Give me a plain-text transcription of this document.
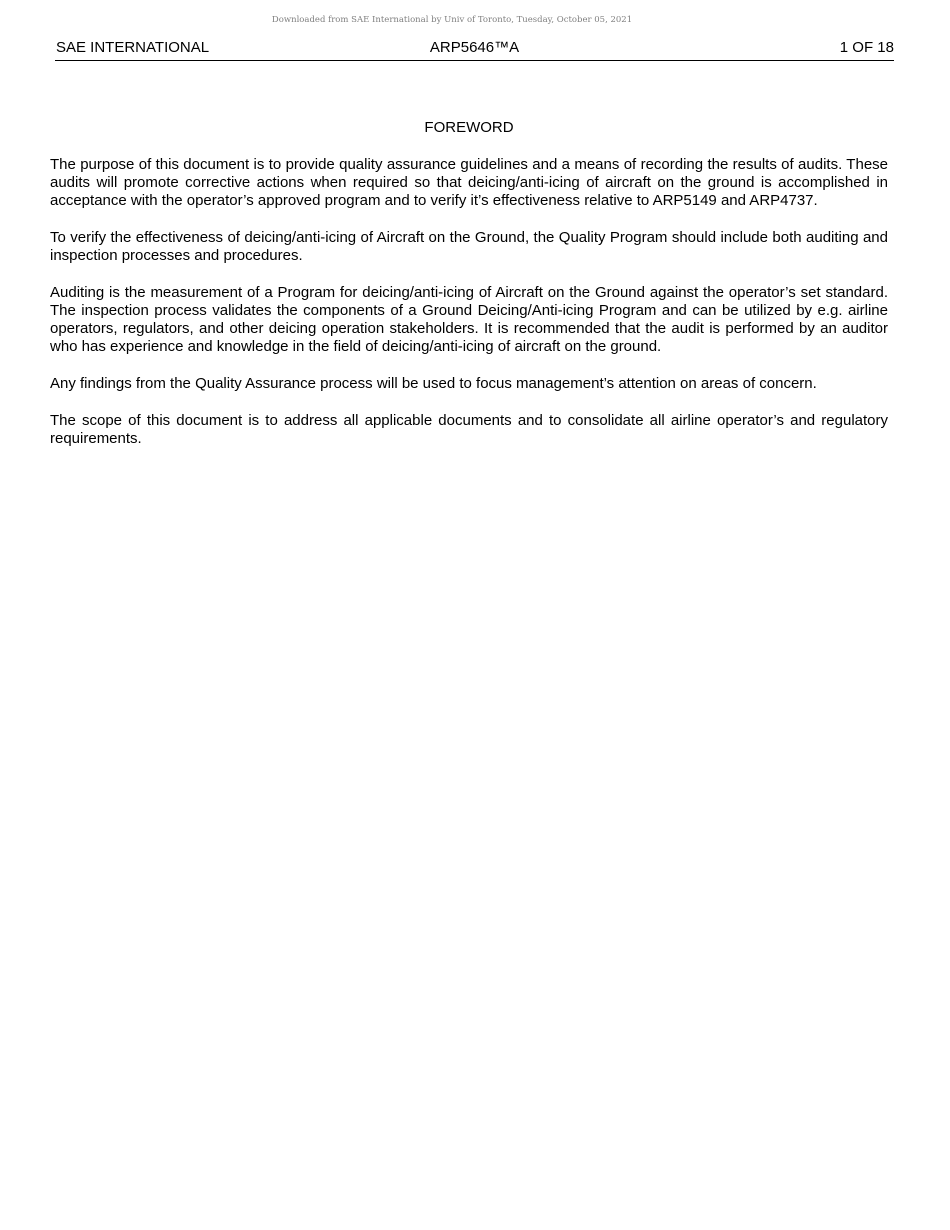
Downloaded from SAE International by Univ of Toronto, Tuesday, October 05, 2021
SAE INTERNATIONAL	ARP5646™A	1 OF 18
FOREWORD

The purpose of this document is to provide quality assurance guidelines and a means of recording the results of audits. These audits will promote corrective actions when required so that deicing/anti-icing of aircraft on the ground is accomplished in acceptance with the operator’s approved program and to verify it’s effectiveness relative to ARP5149 and ARP4737.

To verify the effectiveness of deicing/anti-icing of Aircraft on the Ground, the Quality Program should include both auditing and inspection processes and procedures.

Auditing is the measurement of a Program for deicing/anti-icing of Aircraft on the Ground against the operator’s set standard. The inspection process validates the components of a Ground Deicing/Anti-icing Program and can be utilized by e.g. airline operators, regulators, and other deicing operation stakeholders. It is recommended that the audit is performed by an auditor who has experience and knowledge in the field of deicing/anti-icing of aircraft on the ground.

Any findings from the Quality Assurance process will be used to focus management’s attention on areas of concern.

The scope of this document is to address all applicable documents and to consolidate all airline operator’s and regulatory requirements.
